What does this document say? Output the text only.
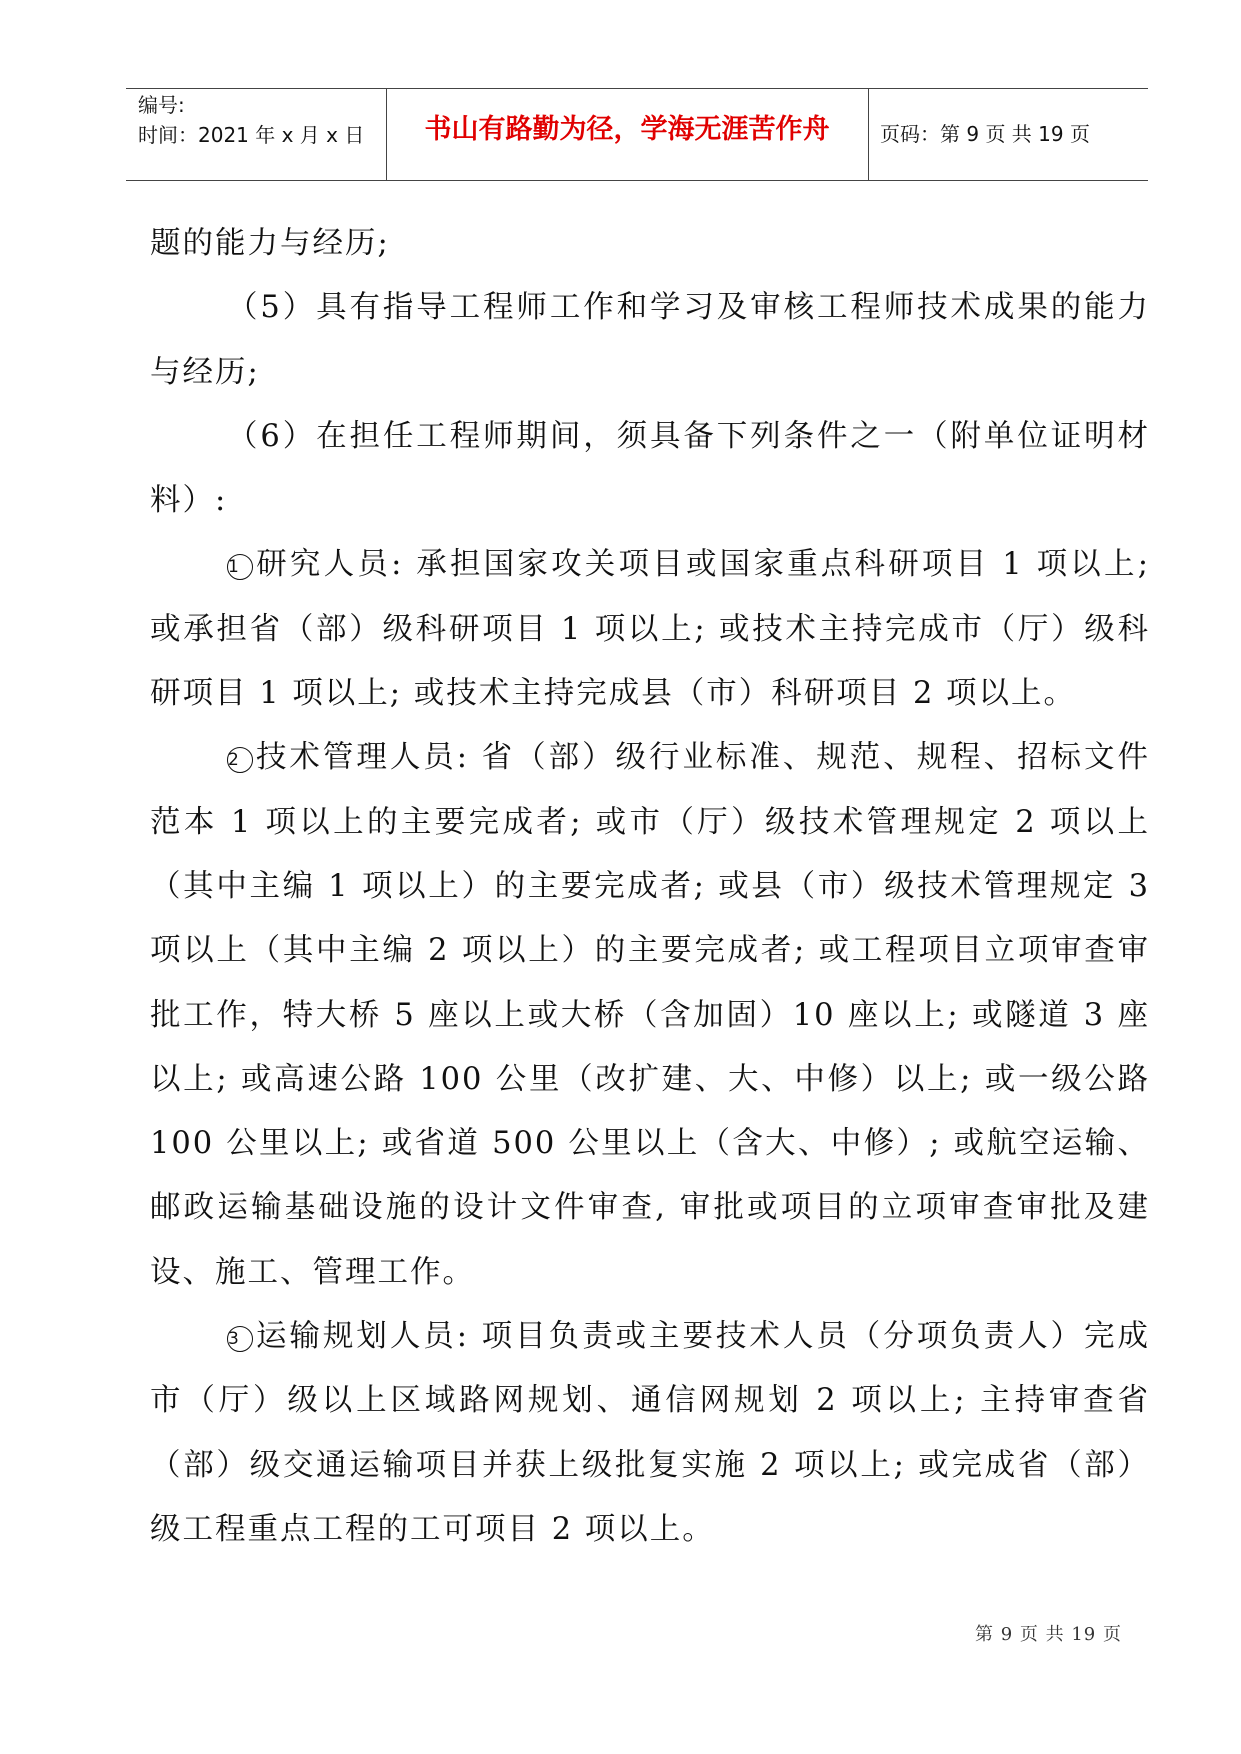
编号:
时间：2021 年 x 月 x 日	书山有路勤为径，学海无涯苦作舟	页码：第 9 页 共 19 页
题的能力与经历;
（5）具有指导工程师工作和学习及审核工程师技术成果的能力
与经历;
（6）在担任工程师期间，须具备下列条件之一（附单位证明材
料）:
1 研究人员: 承担国家攻关项目或国家重点科研项目 1 项以上;
或承担省（部）级科研项目 1 项以上; 或技术主持完成市（厅）级科
研项目 1 项以上; 或技术主持完成县（市）科研项目 2 项以上。
2 技术管理人员: 省（部）级行业标准、规范、规程、招标文件
范本 1 项以上的主要完成者; 或市（厅）级技术管理规定 2 项以上
（其中主编 1 项以上）的主要完成者; 或县（市）级技术管理规定 3
项以上（其中主编 2 项以上）的主要完成者; 或工程项目立项审查审
批工作，特大桥 5 座以上或大桥（含加固）10 座以上; 或隧道 3 座
以上; 或高速公路 100 公里（改扩建、大、中修）以上; 或一级公路
100 公里以上; 或省道 500 公里以上（含大、中修）; 或航空运输、
邮政运输基础设施的设计文件审查, 审批或项目的立项审查审批及建
设、施工、管理工作。
3 运输规划人员: 项目负责或主要技术人员（分项负责人）完成
市（厅）级以上区域路网规划、通信网规划 2 项以上; 主持审查省
（部）级交通运输项目并获上级批复实施 2 项以上; 或完成省（部）
级工程重点工程的工可项目 2 项以上。
第 9 页 共 19 页
